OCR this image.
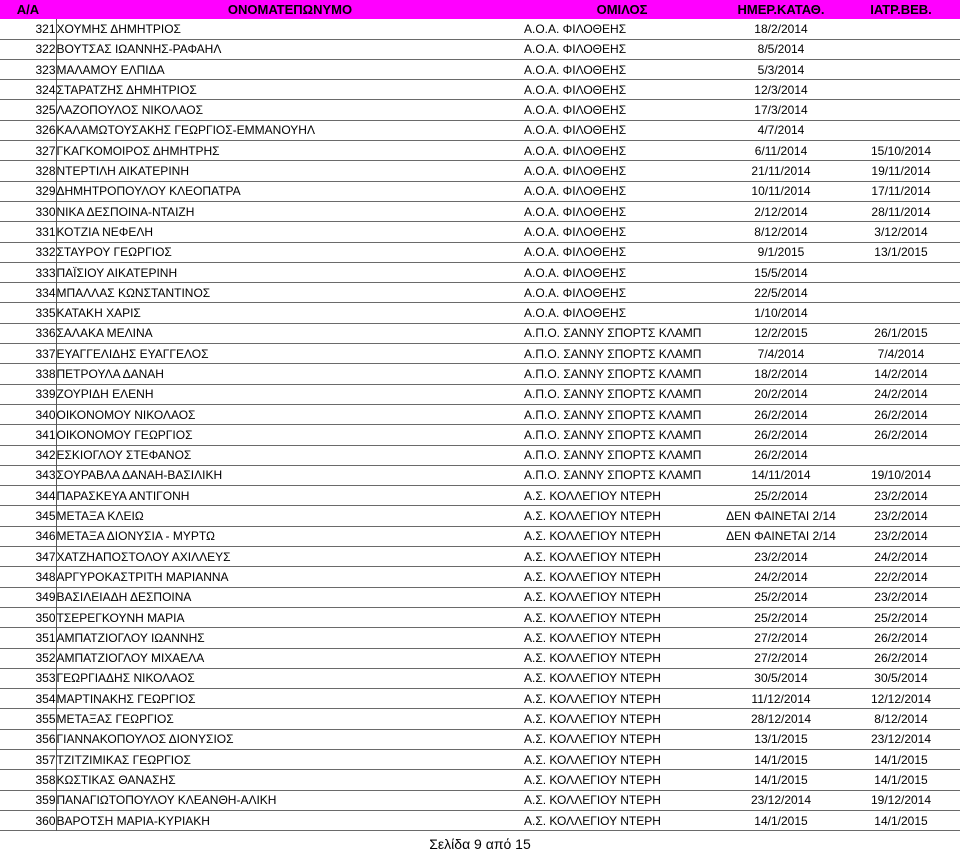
A/A	ΟΝΟΜΑΤΕΠΩΝΥΜΟ	ΟΜΙΛΟΣ	ΗΜΕΡ.ΚΑΤΑΘ.	ΙΑΤΡ.ΒΕΒ.
321	ΧΟΥΜΗΣ ΔΗΜΗΤΡΙΟΣ	Α.Ο.Α. ΦΙΛΟΘΕΗΣ	18/2/2014	
322	ΒΟΥΤΣΑΣ ΙΩΑΝΝΗΣ-ΡΑΦΑΗΛ	Α.Ο.Α. ΦΙΛΟΘΕΗΣ	8/5/2014	
323	ΜΑΛΑΜΟΥ ΕΛΠΙΔΑ	Α.Ο.Α. ΦΙΛΟΘΕΗΣ	5/3/2014	
324	ΣΤΑΡΑΤΖΗΣ ΔΗΜΗΤΡΙΟΣ	Α.Ο.Α. ΦΙΛΟΘΕΗΣ	12/3/2014	
325	ΛΑΖΟΠΟΥΛΟΣ ΝΙΚΟΛΑΟΣ	Α.Ο.Α. ΦΙΛΟΘΕΗΣ	17/3/2014	
326	ΚΑΛΑΜΩΤΟΥΣΑΚΗΣ ΓΕΩΡΓΙΟΣ-ΕΜΜΑΝΟΥΗΛ	Α.Ο.Α. ΦΙΛΟΘΕΗΣ	4/7/2014	
327	ΓΚΑΓΚΟΜΟΙΡΟΣ ΔΗΜΗΤΡΗΣ	Α.Ο.Α. ΦΙΛΟΘΕΗΣ	6/11/2014	15/10/2014
328	ΝΤΕΡΤΙΛΗ ΑΙΚΑΤΕΡΙΝΗ	Α.Ο.Α. ΦΙΛΟΘΕΗΣ	21/11/2014	19/11/2014
329	ΔΗΜΗΤΡΟΠΟΥΛΟΥ ΚΛΕΟΠΑΤΡΑ	Α.Ο.Α. ΦΙΛΟΘΕΗΣ	10/11/2014	17/11/2014
330	ΝΙΚΑ ΔΕΣΠΟΙΝΑ-ΝΤΑΙΖΗ	Α.Ο.Α. ΦΙΛΟΘΕΗΣ	2/12/2014	28/11/2014
331	ΚΟΤΖΙΑ ΝΕΦΕΛΗ	Α.Ο.Α. ΦΙΛΟΘΕΗΣ	8/12/2014	3/12/2014
332	ΣΤΑΥΡΟΥ ΓΕΩΡΓΙΟΣ	Α.Ο.Α. ΦΙΛΟΘΕΗΣ	9/1/2015	13/1/2015
333	ΠΑΪΣΙΟΥ ΑΙΚΑΤΕΡΙΝΗ	Α.Ο.Α. ΦΙΛΟΘΕΗΣ	15/5/2014	
334	ΜΠΑΛΛΑΣ ΚΩΝΣΤΑΝΤΙΝΟΣ	Α.Ο.Α. ΦΙΛΟΘΕΗΣ	22/5/2014	
335	ΚΑΤΑΚΗ ΧΑΡΙΣ	Α.Ο.Α. ΦΙΛΟΘΕΗΣ	1/10/2014	
336	ΣΑΛΑΚΑ ΜΕΛΙΝΑ	Α.Π.Ο. ΣΑΝΝΥ ΣΠΟΡΤΣ ΚΛΑΜΠ	12/2/2015	26/1/2015
337	ΕΥΑΓΓΕΛΙΔΗΣ ΕΥΑΓΓΕΛΟΣ	Α.Π.Ο. ΣΑΝΝΥ ΣΠΟΡΤΣ ΚΛΑΜΠ	7/4/2014	7/4/2014
338	ΠΕΤΡΟΥΛΑ ΔΑΝΑΗ	Α.Π.Ο. ΣΑΝΝΥ ΣΠΟΡΤΣ ΚΛΑΜΠ	18/2/2014	14/2/2014
339	ΖΟΥΡΙΔΗ ΕΛΕΝΗ	Α.Π.Ο. ΣΑΝΝΥ ΣΠΟΡΤΣ ΚΛΑΜΠ	20/2/2014	24/2/2014
340	ΟΙΚΟΝΟΜΟΥ ΝΙΚΟΛΑΟΣ	Α.Π.Ο. ΣΑΝΝΥ ΣΠΟΡΤΣ ΚΛΑΜΠ	26/2/2014	26/2/2014
341	ΟΙΚΟΝΟΜΟΥ ΓΕΩΡΓΙΟΣ	Α.Π.Ο. ΣΑΝΝΥ ΣΠΟΡΤΣ ΚΛΑΜΠ	26/2/2014	26/2/2014
342	ΕΣΚΙΟΓΛΟΥ ΣΤΕΦΑΝΟΣ	Α.Π.Ο. ΣΑΝΝΥ ΣΠΟΡΤΣ ΚΛΑΜΠ	26/2/2014	
343	ΣΟΥΡΑΒΛΑ ΔΑΝΑΗ-ΒΑΣΙΛΙΚΗ	Α.Π.Ο. ΣΑΝΝΥ ΣΠΟΡΤΣ ΚΛΑΜΠ	14/11/2014	19/10/2014
344	ΠΑΡΑΣΚΕΥΑ ΑΝΤΙΓΟΝΗ	Α.Σ. ΚΟΛΛΕΓΙΟΥ ΝΤΕΡΗ	25/2/2014	23/2/2014
345	ΜΕΤΑΞΑ ΚΛΕΙΩ	Α.Σ. ΚΟΛΛΕΓΙΟΥ ΝΤΕΡΗ	ΔΕΝ ΦΑΙΝΕΤΑΙ 2/14	23/2/2014
346	ΜΕΤΑΞΑ ΔΙΟΝΥΣΙΑ - ΜΥΡΤΩ	Α.Σ. ΚΟΛΛΕΓΙΟΥ ΝΤΕΡΗ	ΔΕΝ ΦΑΙΝΕΤΑΙ 2/14	23/2/2014
347	ΧΑΤΖΗΑΠΟΣΤΟΛΟΥ ΑΧΙΛΛΕΥΣ	Α.Σ. ΚΟΛΛΕΓΙΟΥ ΝΤΕΡΗ	23/2/2014	24/2/2014
348	ΑΡΓΥΡΟΚΑΣΤΡΙΤΗ ΜΑΡΙΑΝΝΑ	Α.Σ. ΚΟΛΛΕΓΙΟΥ ΝΤΕΡΗ	24/2/2014	22/2/2014
349	ΒΑΣΙΛΕΙΑΔΗ ΔΕΣΠΟΙΝΑ	Α.Σ. ΚΟΛΛΕΓΙΟΥ ΝΤΕΡΗ	25/2/2014	23/2/2014
350	ΤΣΕΡΕΓΚΟΥΝΗ ΜΑΡΙΑ	Α.Σ. ΚΟΛΛΕΓΙΟΥ ΝΤΕΡΗ	25/2/2014	25/2/2014
351	ΑΜΠΑΤΖΙΟΓΛΟΥ ΙΩΑΝΝΗΣ	Α.Σ. ΚΟΛΛΕΓΙΟΥ ΝΤΕΡΗ	27/2/2014	26/2/2014
352	ΑΜΠΑΤΖΙΟΓΛΟΥ ΜΙΧΑΕΛΑ	Α.Σ. ΚΟΛΛΕΓΙΟΥ ΝΤΕΡΗ	27/2/2014	26/2/2014
353	ΓΕΩΡΓΙΑΔΗΣ ΝΙΚΟΛΑΟΣ	Α.Σ. ΚΟΛΛΕΓΙΟΥ ΝΤΕΡΗ	30/5/2014	30/5/2014
354	ΜΑΡΤΙΝΑΚΗΣ ΓΕΩΡΓΙΟΣ	Α.Σ. ΚΟΛΛΕΓΙΟΥ ΝΤΕΡΗ	11/12/2014	12/12/2014
355	ΜΕΤΑΞΑΣ ΓΕΩΡΓΙΟΣ	Α.Σ. ΚΟΛΛΕΓΙΟΥ ΝΤΕΡΗ	28/12/2014	8/12/2014
356	ΓΙΑΝΝΑΚΟΠΟΥΛΟΣ ΔΙΟΝΥΣΙΟΣ	Α.Σ. ΚΟΛΛΕΓΙΟΥ ΝΤΕΡΗ	13/1/2015	23/12/2014
357	ΤΖΙΤΖΙΜΙΚΑΣ ΓΕΩΡΓΙΟΣ	Α.Σ. ΚΟΛΛΕΓΙΟΥ ΝΤΕΡΗ	14/1/2015	14/1/2015
358	ΚΩΣΤΙΚΑΣ ΘΑΝΑΣΗΣ	Α.Σ. ΚΟΛΛΕΓΙΟΥ ΝΤΕΡΗ	14/1/2015	14/1/2015
359	ΠΑΝΑΓΙΩΤΟΠΟΥΛΟΥ ΚΛΕΑΝΘΗ-ΑΛΙΚΗ	Α.Σ. ΚΟΛΛΕΓΙΟΥ ΝΤΕΡΗ	23/12/2014	19/12/2014
360	ΒΑΡΟΤΣΗ ΜΑΡΙΑ-ΚΥΡΙΑΚΗ	Α.Σ. ΚΟΛΛΕΓΙΟΥ ΝΤΕΡΗ	14/1/2015	14/1/2015
Σελίδα 9 από 15
